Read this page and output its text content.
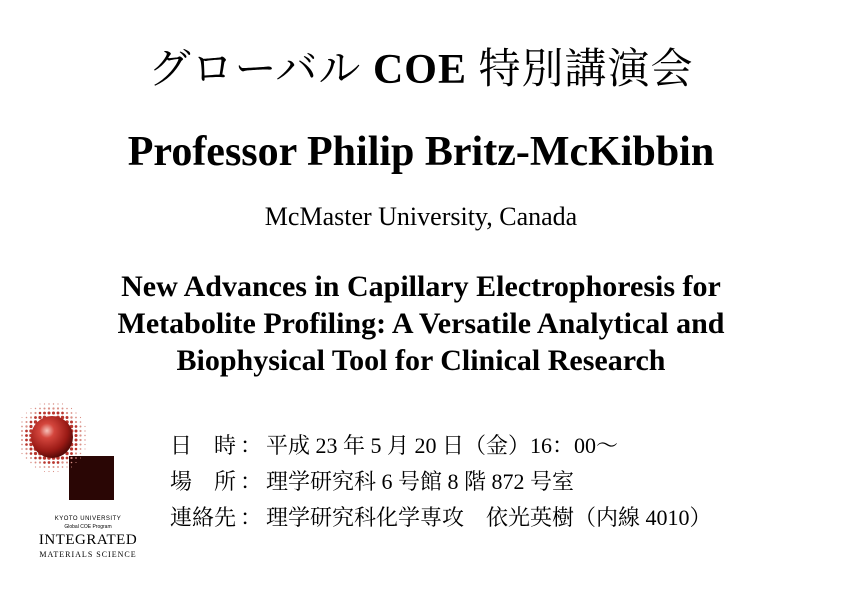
グローバル COE 特別講演会
Professor Philip Britz-McKibbin
McMaster University, Canada
New Advances in Capillary Electrophoresis for
Metabolite Profiling: A Versatile Analytical and
Biophysical Tool for Clinical Research
日　時 ： 平成 23 年 5 月 20 日（金）16：00〜
場　所 ： 理学研究科 6 号館 8 階 872 号室
連絡先 ： 理学研究科化学専攻　依光英樹（内線 4010）
KYOTO UNIVERSITY
Global COE Program
INTEGRATED
MATERIALS SCIENCE
